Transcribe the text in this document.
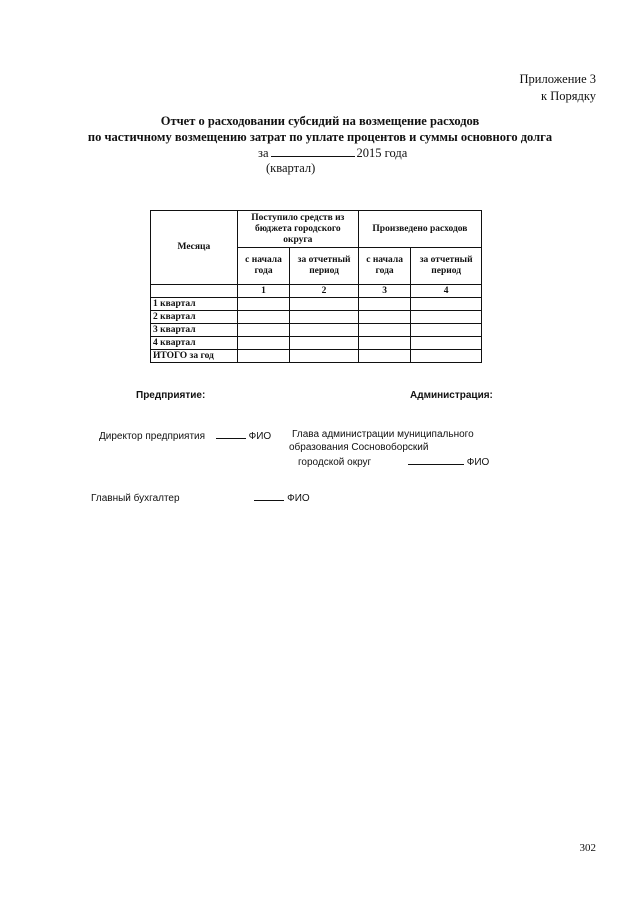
Приложение 3
к Порядку
Отчет о расходовании субсидий на возмещение расходов
по частичному возмещению затрат по уплате процентов и суммы основного долга
за	2015 года
(квартал)
Месяца	Поступило средств из бюджета городского округа		Произведено расходов	
	с начала года	за отчетный период	с начала года	за отчетный период
	1	2	3	4
1 квартал				
2 квартал				
3 квартал				
4 квартал				
ИТОГО за год				
Предприятие:	Администрация:
Директор предприятия	ФИО Глава администрации муниципального
образования Сосновоборский
городской округ	ФИО
Главный бухгалтер	ФИО
302
